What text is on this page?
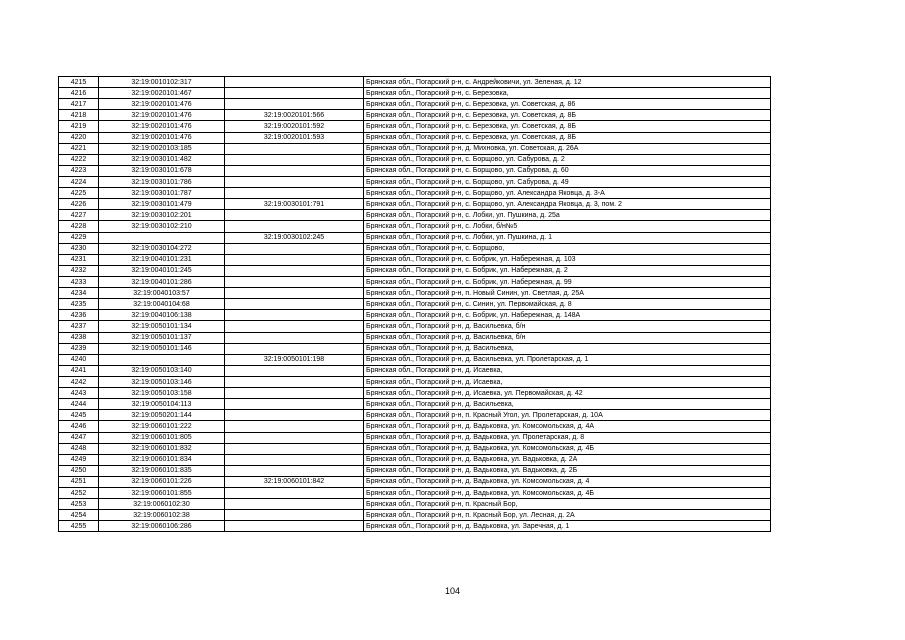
4215	32:19:0010102:317		Брянская обл., Погарский р-н, с. Андрейковичи, ул. Зеленая, д. 12
4216	32:19:0020101:467		Брянская обл., Погарский р-н, с. Березовка,
4217	32:19:0020101:476		Брянская обл., Погарский р-н, с. Березовка, ул. Советская, д. 86
4218	32:19:0020101:476	32:19:0020101:566	Брянская обл., Погарский р-н, с. Березовка, ул. Советская, д. 8Б
4219	32:19:0020101:476	32:19:0020101:592	Брянская обл., Погарский р-н, с. Березовка, ул. Советская, д. 8Б
4220	32:19:0020101:476	32:19:0020101:593	Брянская обл., Погарский р-н, с. Березовка, ул. Советская, д. 8Б
4221	32:19:0020103:185		Брянская обл., Погарский р-н, д. Михновка, ул. Советская, д. 26А
4222	32:19:0030101:482		Брянская обл., Погарский р-н, с. Борщово, ул. Сабурова, д. 2
4223	32:19:0030101:678		Брянская обл., Погарский р-н, с. Борщово, ул. Сабурова, д. 60
4224	32:19:0030101:786		Брянская обл., Погарский р-н, с. Борщово, ул. Сабурова, д. 49
4225	32:19:0030101:787		Брянская обл., Погарский р-н, с. Борщово, ул. Александра Яковца, д. 3-А
4226	32:19:0030101:479	32:19:0030101:791	Брянская обл., Погарский р-н, с. Борщово, ул. Александра Яковца, д. 3, пом. 2
4227	32:19:0030102:201		Брянская обл., Погарский р-н, с. Лобки, ул. Пушкина, д. 25а
4228	32:19:0030102:210		Брянская обл., Погарский р-н, с. Лобки, б/н№5
4229		32:19:0030102:245	Брянская обл., Погарский р-н, с. Лобки, ул. Пушкина, д. 1
4230	32:19:0030104:272		Брянская обл., Погарский р-н, с. Борщово,
4231	32:19:0040101:231		Брянская обл., Погарский р-н, с. Бобрик, ул. Набережная, д. 103
4232	32:19:0040101:245		Брянская обл., Погарский р-н, с. Бобрик, ул. Набережная, д. 2
4233	32:19:0040101:286		Брянская обл., Погарский р-н, с. Бобрик, ул. Набережная, д. 99
4234	32:19:0040103:57		Брянская обл., Погарский р-н, п. Новый Синин, ул. Светлая, д. 25А
4235	32:19:0040104:68		Брянская обл., Погарский р-н, с. Синин, ул. Первомайская, д. 8
4236	32:19:0040106:138		Брянская обл., Погарский р-н, с. Бобрик, ул. Набережная, д. 148А
4237	32:19:0050101:134		Брянская обл., Погарский р-н, д. Васильевка, б/н
4238	32:19:0050101:137		Брянская обл., Погарский р-н, д. Васильевка, б/н
4239	32:19:0050101:146		Брянская обл., Погарский р-н, д. Васильевка,
4240		32:19:0050101:198	Брянская обл., Погарский р-н, д. Васильевка, ул. Пролетарская, д. 1
4241	32:19:0050103:140		Брянская обл., Погарский р-н, д. Исаевка,
4242	32:19:0050103:146		Брянская обл., Погарский р-н, д. Исаевка,
4243	32:19:0050103:158		Брянская обл., Погарский р-н, д. Исаевка, ул. Первомайская, д. 42
4244	32:19:0050104:113		Брянская обл., Погарский р-н, д. Васильевка,
4245	32:19:0050201:144		Брянская обл., Погарский р-н, п. Красный Угол, ул. Пролетарская, д. 10А
4246	32:19:0060101:222		Брянская обл., Погарский р-н, д. Вадьковка, ул. Комсомольская, д. 4А
4247	32:19:0060101:805		Брянская обл., Погарский р-н, д. Вадьковка, ул. Пролетарская, д. 8
4248	32:19:0060101:832		Брянская обл., Погарский р-н, д. Вадьковка, ул. Комсомольская, д. 4Б
4249	32:19:0060101:834		Брянская обл., Погарский р-н, д. Вадьковка, ул. Вадьковка, д. 2А
4250	32:19:0060101:835		Брянская обл., Погарский р-н, д. Вадьковка, ул. Вадьковка, д. 2Б
4251	32:19:0060101:226	32:19:0060101:842	Брянская обл., Погарский р-н, д. Вадьковка, ул. Комсомольская, д. 4
4252	32:19:0060101:855		Брянская обл., Погарский р-н, д. Вадьковка, ул. Комсомольская, д. 4Б
4253	32:19:0060102:30		Брянская обл., Погарский р-н, п. Красный Бор,
4254	32:19:0060102:38		Брянская обл., Погарский р-н, п. Красный Бор, ул. Лесная, д. 2А
4255	32:19:0060106:286		Брянская обл., Погарский р-н, д. Вадьковка, ул. Заречная, д. 1
104
